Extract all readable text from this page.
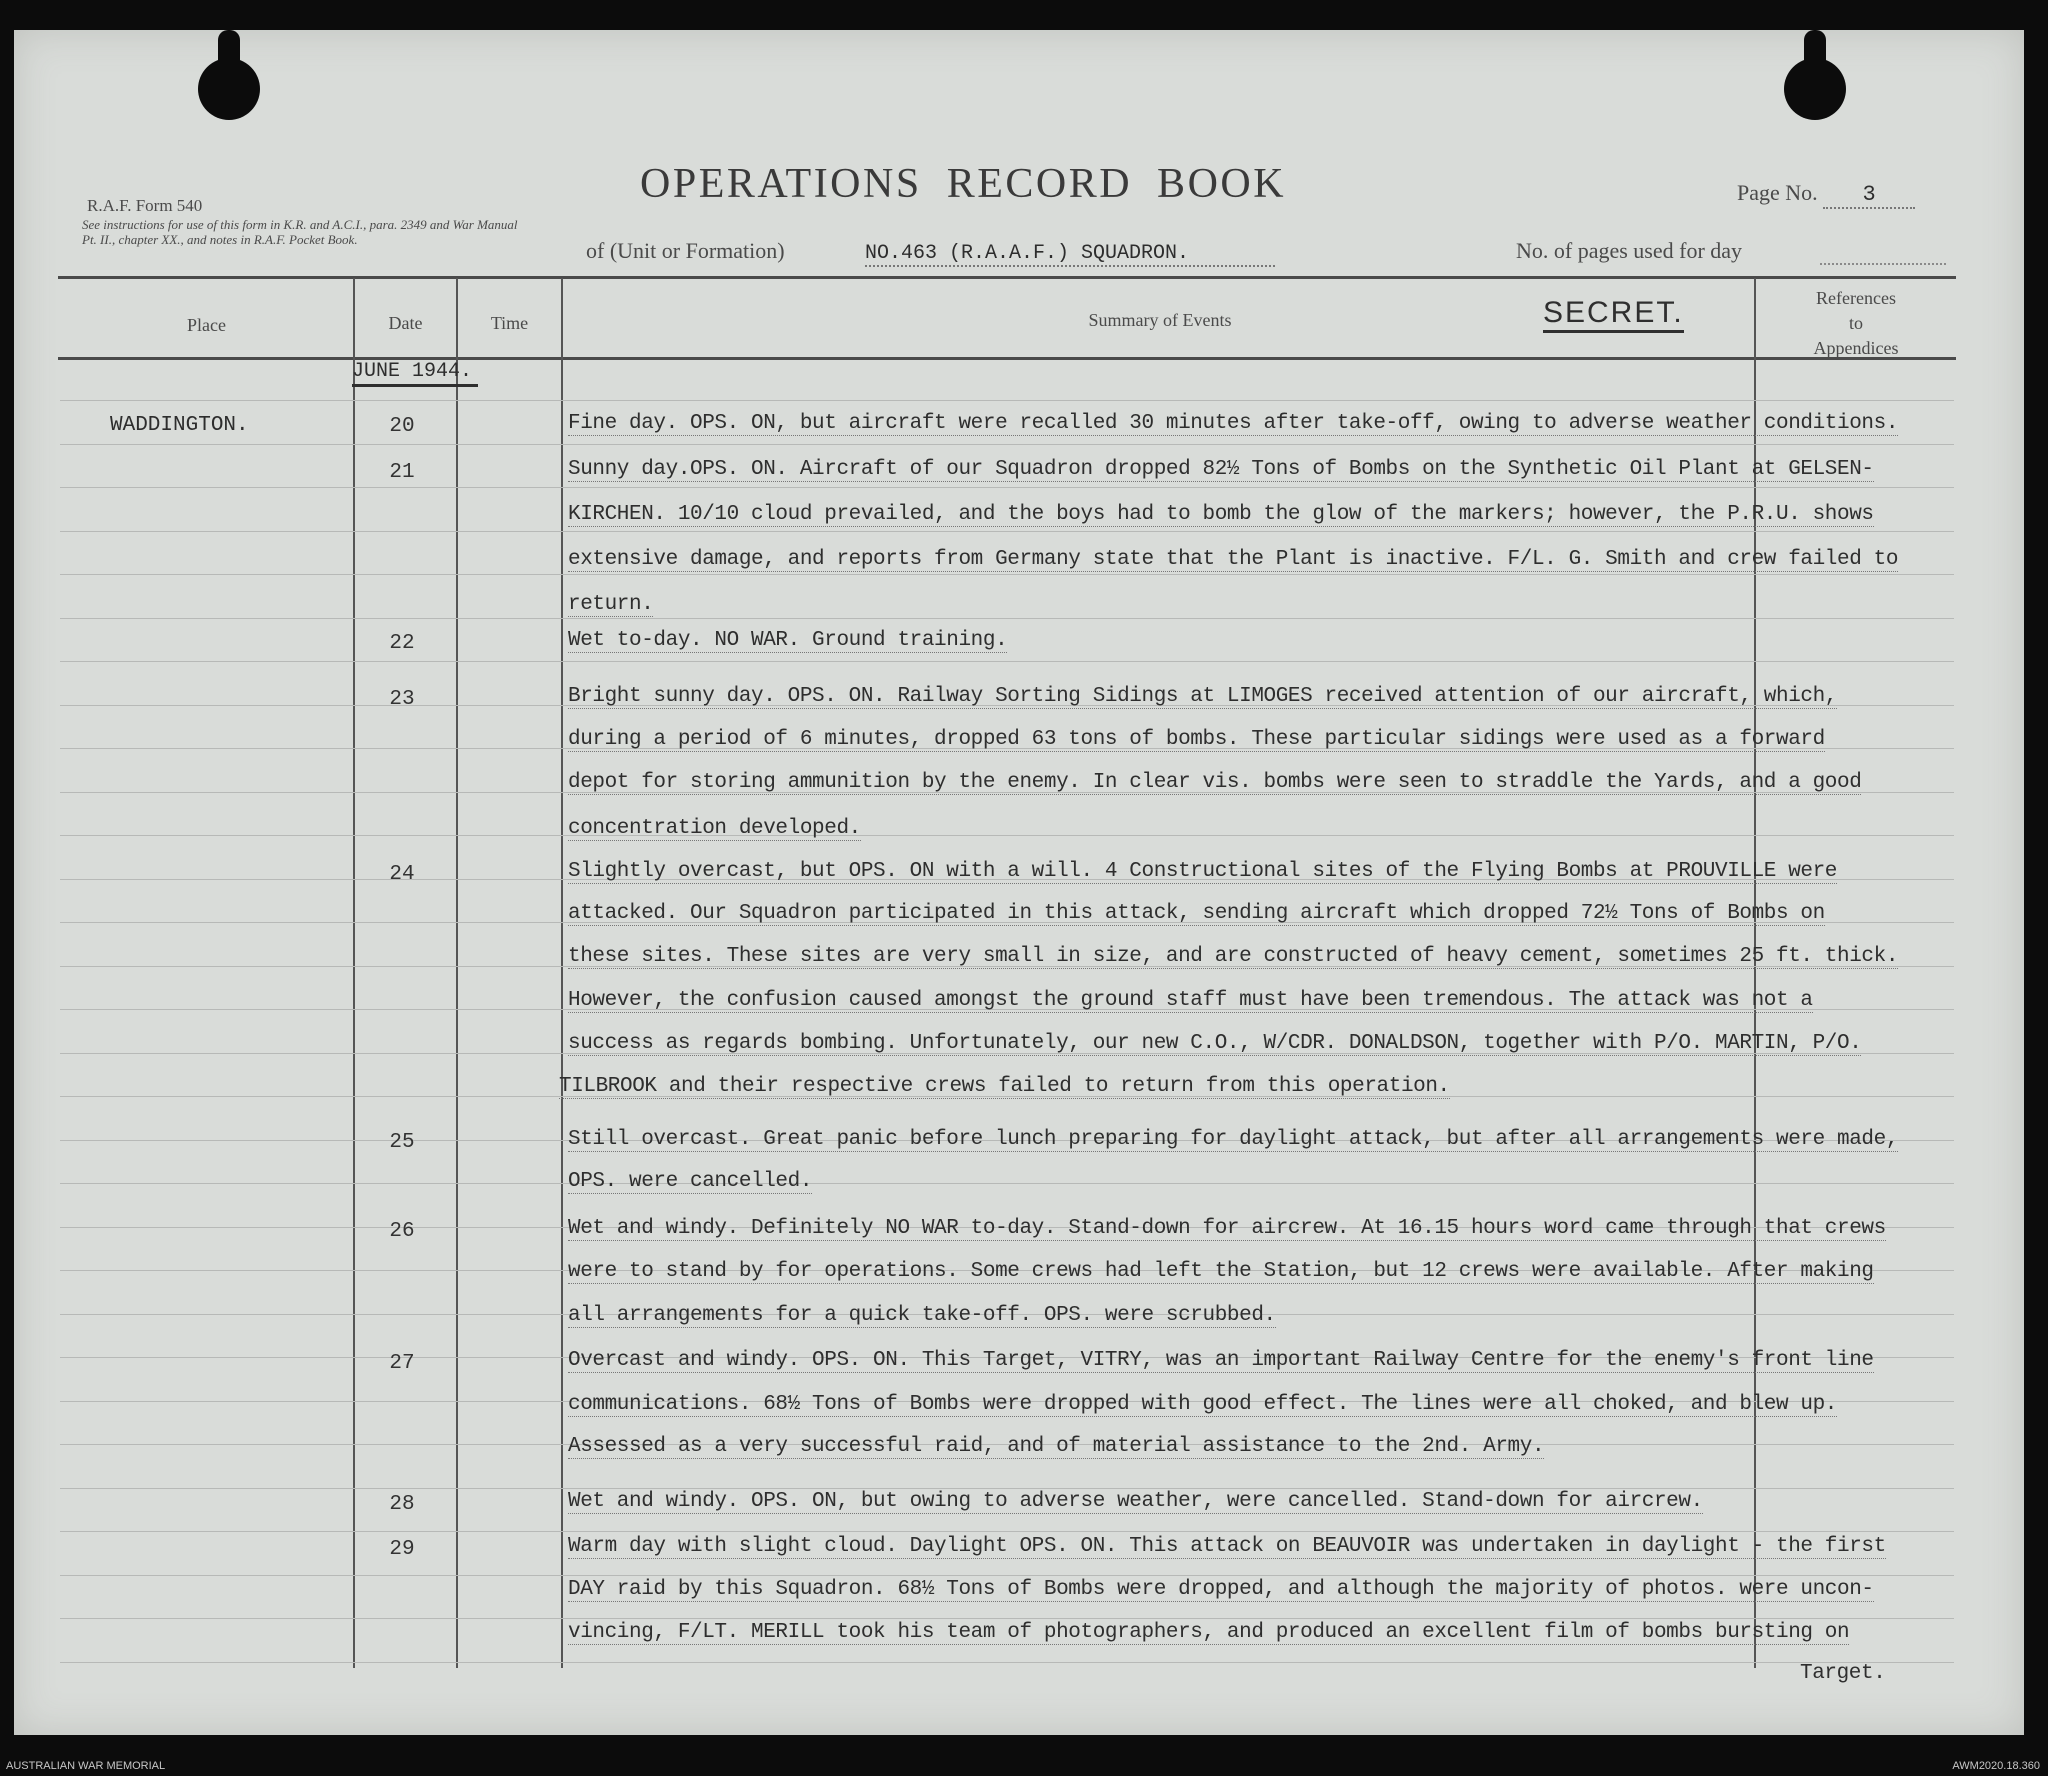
OPERATIONS RECORD BOOK
R.A.F. Form 540
See instructions for use of this form in K.R. and A.C.I., para. 2349 and War Manual Pt. II., chapter XX., and notes in R.A.F. Pocket Book.
Page No. 3
of (Unit or Formation)	NO.463 (R.A.A.F.) SQUADRON.	No. of pages used for day
Place	Date	Time	Summary of Events
References
to
Appendices
SECRET.
JUNE 1944.
WADDINGTON.	20	Fine day. OPS. ON, but aircraft were recalled 30 minutes after take-off, owing to adverse weather conditions.
21	Sunny day.OPS. ON. Aircraft of our Squadron dropped 82½ Tons of Bombs on the Synthetic Oil Plant at GELSEN-
KIRCHEN. 10/10 cloud prevailed, and the boys had to bomb the glow of the markers; however, the P.R.U. shows
extensive damage, and reports from Germany state that the Plant is inactive. F/L. G. Smith and crew failed to
return.
22	Wet to-day. NO WAR. Ground training.
23	Bright sunny day. OPS. ON. Railway Sorting Sidings at LIMOGES received attention of our aircraft, which,
during a period of 6 minutes, dropped 63 tons of bombs. These particular sidings were used as a forward
depot for storing ammunition by the enemy. In clear vis. bombs were seen to straddle the Yards, and a good
concentration developed.
24	Slightly overcast, but OPS. ON with a will. 4 Constructional sites of the Flying Bombs at PROUVILLE were
attacked. Our Squadron participated in this attack, sending aircraft which dropped 72½ Tons of Bombs on
these sites. These sites are very small in size, and are constructed of heavy cement, sometimes 25 ft. thick.
However, the confusion caused amongst the ground staff must have been tremendous. The attack was not a
success as regards bombing. Unfortunately, our new C.O., W/CDR. DONALDSON, together with P/O. MARTIN, P/O.
TILBROOK and their respective crews failed to return from this operation.
25	Still overcast. Great panic before lunch preparing for daylight attack, but after all arrangements were made,
OPS. were cancelled.
26	Wet and windy. Definitely NO WAR to-day. Stand-down for aircrew. At 16.15 hours word came through that crews
were to stand by for operations. Some crews had left the Station, but 12 crews were available. After making
all arrangements for a quick take-off. OPS. were scrubbed.
27	Overcast and windy. OPS. ON. This Target, VITRY, was an important Railway Centre for the enemy's front line
communications. 68½ Tons of Bombs were dropped with good effect. The lines were all choked, and blew up.
Assessed as a very successful raid, and of material assistance to the 2nd. Army.
28	Wet and windy. OPS. ON, but owing to adverse weather, were cancelled. Stand-down for aircrew.
29	Warm day with slight cloud. Daylight OPS. ON. This attack on BEAUVOIR was undertaken in daylight - the first
DAY raid by this Squadron. 68½ Tons of Bombs were dropped, and although the majority of photos. were uncon-
vincing, F/LT. MERILL took his team of photographers, and produced an excellent film of bombs bursting on
Target.
AUSTRALIAN WAR MEMORIAL	AWM2020.18.360
